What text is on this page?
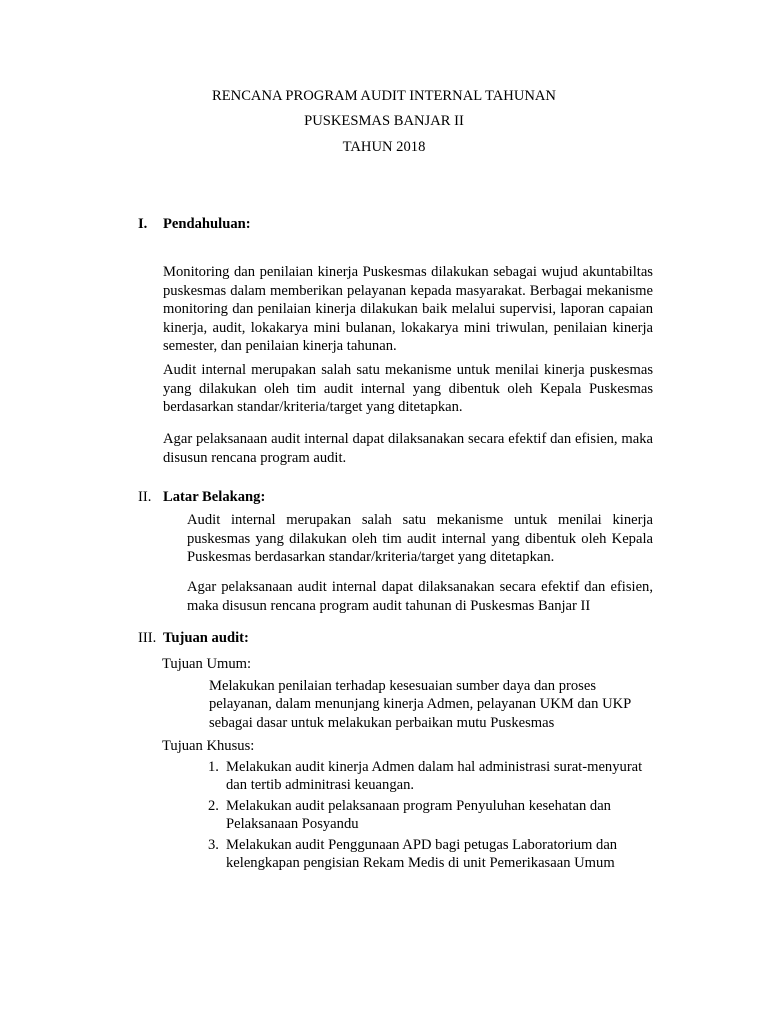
RENCANA PROGRAM AUDIT INTERNAL TAHUNAN
PUSKESMAS BANJAR II
TAHUN 2018
I. Pendahuluan:
Monitoring dan penilaian kinerja Puskesmas dilakukan sebagai wujud akuntabiltas puskesmas dalam memberikan pelayanan kepada masyarakat. Berbagai mekanisme monitoring dan penilaian kinerja dilakukan baik melalui supervisi, laporan capaian kinerja, audit, lokakarya mini bulanan, lokakarya mini triwulan, penilaian kinerja semester, dan penilaian kinerja tahunan.
Audit internal merupakan salah satu mekanisme untuk menilai kinerja puskesmas yang dilakukan oleh tim audit internal yang dibentuk oleh Kepala Puskesmas berdasarkan standar/kriteria/target yang ditetapkan.
Agar pelaksanaan audit internal dapat dilaksanakan secara efektif dan efisien, maka disusun rencana program audit.
II. Latar Belakang:
Audit internal merupakan salah satu mekanisme untuk menilai kinerja puskesmas yang dilakukan oleh tim audit internal yang dibentuk oleh Kepala Puskesmas berdasarkan standar/kriteria/target yang ditetapkan.
Agar pelaksanaan audit internal dapat dilaksanakan secara efektif dan efisien, maka disusun rencana program audit tahunan di Puskesmas Banjar II
III. Tujuan audit:
Tujuan Umum:
Melakukan penilaian terhadap kesesuaian sumber daya dan proses pelayanan, dalam menunjang kinerja Admen, pelayanan UKM dan UKP sebagai dasar untuk melakukan perbaikan mutu Puskesmas
Tujuan Khusus:
1. Melakukan audit kinerja Admen dalam hal administrasi surat-menyurat dan tertib adminitrasi keuangan.
2. Melakukan audit pelaksanaan program Penyuluhan kesehatan dan Pelaksanaan Posyandu
3. Melakukan audit Penggunaan APD bagi petugas Laboratorium dan kelengkapan pengisian Rekam Medis di unit Pemerikasaan Umum
